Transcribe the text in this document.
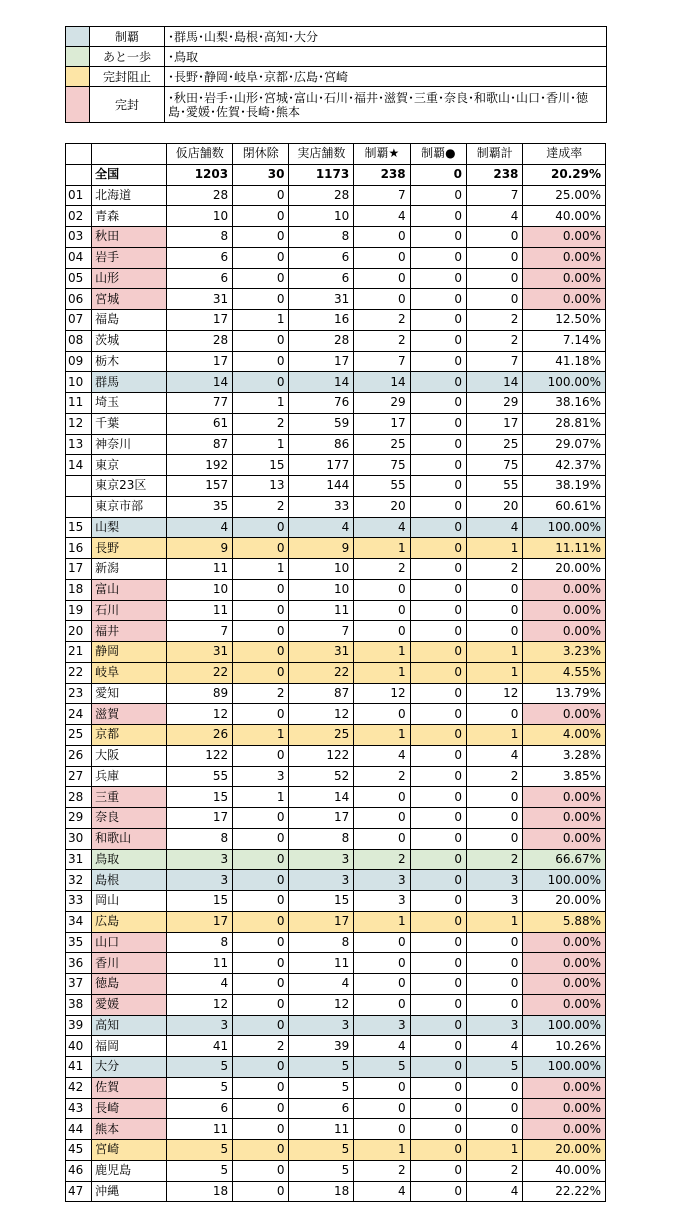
	制覇	･群馬･山梨･島根･高知･大分
	あと一歩	･鳥取
	完封阻止	･長野･静岡･岐阜･京都･広島･宮崎
	完封	･秋田･岩手･山形･宮城･富山･石川･福井･滋賀･三重･奈良･和歌山･山口･香川･徳島･愛媛･佐賀･長崎･熊本
		仮店舗数	閉休除	実店舗数	制覇★	制覇●	制覇計	達成率
	全国	1203	30	1173	238	0	238	20.29%
01	北海道	28	0	28	7	0	7	25.00%
02	青森	10	0	10	4	0	4	40.00%
03	秋田	8	0	8	0	0	0	0.00%
04	岩手	6	0	6	0	0	0	0.00%
05	山形	6	0	6	0	0	0	0.00%
06	宮城	31	0	31	0	0	0	0.00%
07	福島	17	1	16	2	0	2	12.50%
08	茨城	28	0	28	2	0	2	7.14%
09	栃木	17	0	17	7	0	7	41.18%
10	群馬	14	0	14	14	0	14	100.00%
11	埼玉	77	1	76	29	0	29	38.16%
12	千葉	61	2	59	17	0	17	28.81%
13	神奈川	87	1	86	25	0	25	29.07%
14	東京	192	15	177	75	0	75	42.37%
	東京23区	157	13	144	55	0	55	38.19%
	東京市部	35	2	33	20	0	20	60.61%
15	山梨	4	0	4	4	0	4	100.00%
16	長野	9	0	9	1	0	1	11.11%
17	新潟	11	1	10	2	0	2	20.00%
18	富山	10	0	10	0	0	0	0.00%
19	石川	11	0	11	0	0	0	0.00%
20	福井	7	0	7	0	0	0	0.00%
21	静岡	31	0	31	1	0	1	3.23%
22	岐阜	22	0	22	1	0	1	4.55%
23	愛知	89	2	87	12	0	12	13.79%
24	滋賀	12	0	12	0	0	0	0.00%
25	京都	26	1	25	1	0	1	4.00%
26	大阪	122	0	122	4	0	4	3.28%
27	兵庫	55	3	52	2	0	2	3.85%
28	三重	15	1	14	0	0	0	0.00%
29	奈良	17	0	17	0	0	0	0.00%
30	和歌山	8	0	8	0	0	0	0.00%
31	鳥取	3	0	3	2	0	2	66.67%
32	島根	3	0	3	3	0	3	100.00%
33	岡山	15	0	15	3	0	3	20.00%
34	広島	17	0	17	1	0	1	5.88%
35	山口	8	0	8	0	0	0	0.00%
36	香川	11	0	11	0	0	0	0.00%
37	徳島	4	0	4	0	0	0	0.00%
38	愛媛	12	0	12	0	0	0	0.00%
39	高知	3	0	3	3	0	3	100.00%
40	福岡	41	2	39	4	0	4	10.26%
41	大分	5	0	5	5	0	5	100.00%
42	佐賀	5	0	5	0	0	0	0.00%
43	長崎	6	0	6	0	0	0	0.00%
44	熊本	11	0	11	0	0	0	0.00%
45	宮崎	5	0	5	1	0	1	20.00%
46	鹿児島	5	0	5	2	0	2	40.00%
47	沖縄	18	0	18	4	0	4	22.22%
